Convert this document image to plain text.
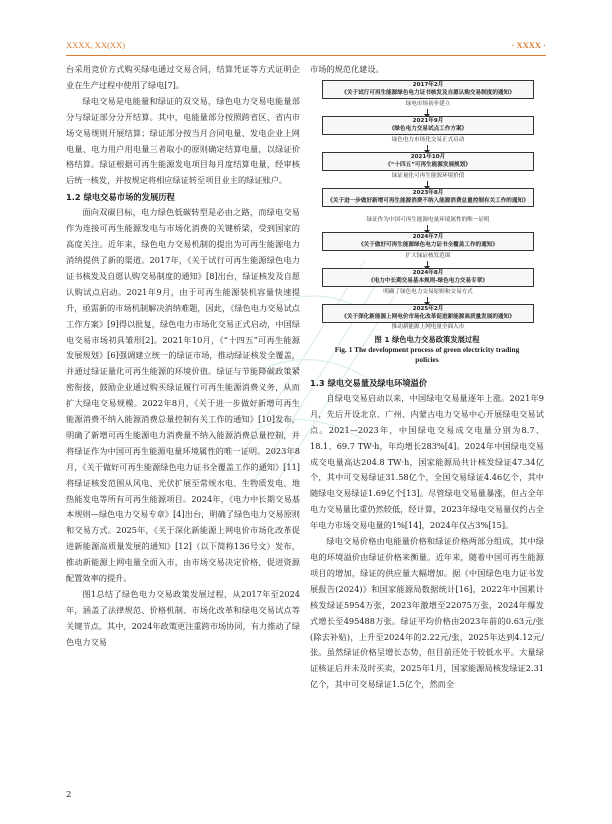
XXXX, XX(XX)	· XXXX ·

台采用竞价方式购买绿电通过交易合同，结算凭证等方式证明企业在生产过程中使用了绿电[7]。

绿电交易是电能量和绿证的双交易，绿色电力交易电能量部分与绿证部分分开结算。其中，电能量部分按照跨省区、省内市场交易规则开展结算；绿证部分按当月合同电量、发电企业上网电量、电力用户用电量三者取小的原则确定结算电量，以绿证价格结算。绿证根据可再生能源发电项目每月度结算电量，经审核后统一核发，并按规定将相应绿证转至项目业主的绿证账户。

1.2 绿电交易市场的发展历程

面向双碳目标，电力绿色低碳转型是必由之路，而绿电交易作为连接可再生能源发电与市场化消费的关键桥梁，受到国家的高度关注。近年来，绿色电力交易机制的提出为可再生能源电力消纳提供了新的渠道。2017年，《关于试行可再生能源绿色电力证书核发及自愿认购交易制度的通知》[8]出台，绿证核发及自愿认购试点启动。2021年9月，由于可再生能源装机容量快速提升，亟需新的市场机制解决消纳难题，因此，《绿色电力交易试点工作方案》[9]得以批复，绿色电力市场化交易正式启动，中国绿电交易市场初具雏形[2]。2021年10月，《“十四五”可再生能源发展规划》[6]强调建立统一的绿证市场，推动绿证核发全覆盖，并通过绿证量化可再生能源的环境价值。绿证与节能降碳政策紧密衔接，鼓励企业通过购买绿证履行可再生能源消费义务，从而扩大绿电交易规模。2022年8月，《关于进一步做好新增可再生能源消费不纳入能源消费总量控制有关工作的通知》[10]发布，明确了新增可再生能源电力消费量不纳入能源消费总量控制，并将绿证作为中国可再生能源电量环境属性的唯一证明。2023年8月，《关于做好可再生能源绿色电力证书全覆盖工作的通知》[11]将绿证核发范围从风电、光伏扩展至常规水电、生物质发电、地热能发电等所有可再生能源项目。2024年，《电力中长期交易基本规则—绿色电力交易专章》[4]出台，明确了绿色电力交易原则和交易方式。2025年，《关于深化新能源上网电价市场化改革促进新能源高质量发展的通知》[12]（以下简称136号文）发布，推动新能源上网电量全面入市，由市场交易决定价格，促进资源配置效率的提升。

图1总结了绿色电力交易政策发展过程，从2017年至2024年，涵盖了法律规范、价格机制、市场化改革和绿电交易试点等关键节点。其中，2024年政策更注重跨市场协同，有力推动了绿色电力交易

市场的规范化建设。

2017年2月
《关于试行可再生能源绿色电力证书核发及自愿认购交易制度的通知》
绿电市场初步建立
2021年9月
《绿色电力交易试点工作方案》
绿色电力市场化交易正式启动
2021年10月
《“十四五”可再生能源发展规划》
绿证量化可再生能源环境价值
2023年8月
《关于进一步做好新增可再生能源消费不纳入能源消费总量控制有关工作的通知》
绿证作为中国可再生能源电量环境属性的唯一证明
2024年7月
《关于做好可再生能源绿色电力证书全覆盖工作的通知》
扩大绿证核发范围
2024年8月
《电力中长期交易基本规则-绿色电力交易专章》
明确了绿色电力交易原则和交易方式
2025年2月
《关于深化新能源上网电价市场化改革促进新能源高质量发展的通知》
推动新能源上网电量全面入市
图 1 绿色电力交易政策发展过程
Fig. 1 The development process of green electricity trading policies
1.3 绿电交易量及绿电环境溢价

自绿电交易启动以来，中国绿电交易量逐年上涨。2021年9月，先后开设北京、广州、内蒙古电力交易中心开展绿电交易试点。2021—2023年，中国绿电交易成交电量分别为8.7、18.1、69.7 TW·h，年均增长283%[4]。2024年中国绿电交易成交电量高达204.8 TW·h，国家能源局共计核发绿证47.34亿个，其中可交易绿证31.58亿个，全国交易绿证4.46亿个，其中随绿电交易绿证1.69亿个[13]。尽管绿电交易量暴涨，但占全年电力交易量比重仍然较低，经计算，2023年绿电交易量仅约占全年电力市场交易电量的1%[14]，2024年仅占3%[15]。

绿电交易价格由电能量价格和绿证价格两部分组成，其中绿电的环境溢价由绿证价格来衡量。近年来，随着中国可再生能源项目的增加，绿证的供应量大幅增加。据《中国绿色电力证书发展报告(2024)》和国家能源局数据统计[16]，2022年中国累计核发绿证5954万张，2023年激增至22075万张，2024年爆发式增长至495488万张。绿证平均价格由2023年前的0.63元/张(除去补贴)，上升至2024年的2.22元/张，2025年达到4.12元/张。虽然绿证价格呈增长态势，但目前还处于较低水平。大量绿证核证后并未及时买卖，2025年1月，国家能源局核发绿证2.31亿个，其中可交易绿证1.5亿个，然而全

2
